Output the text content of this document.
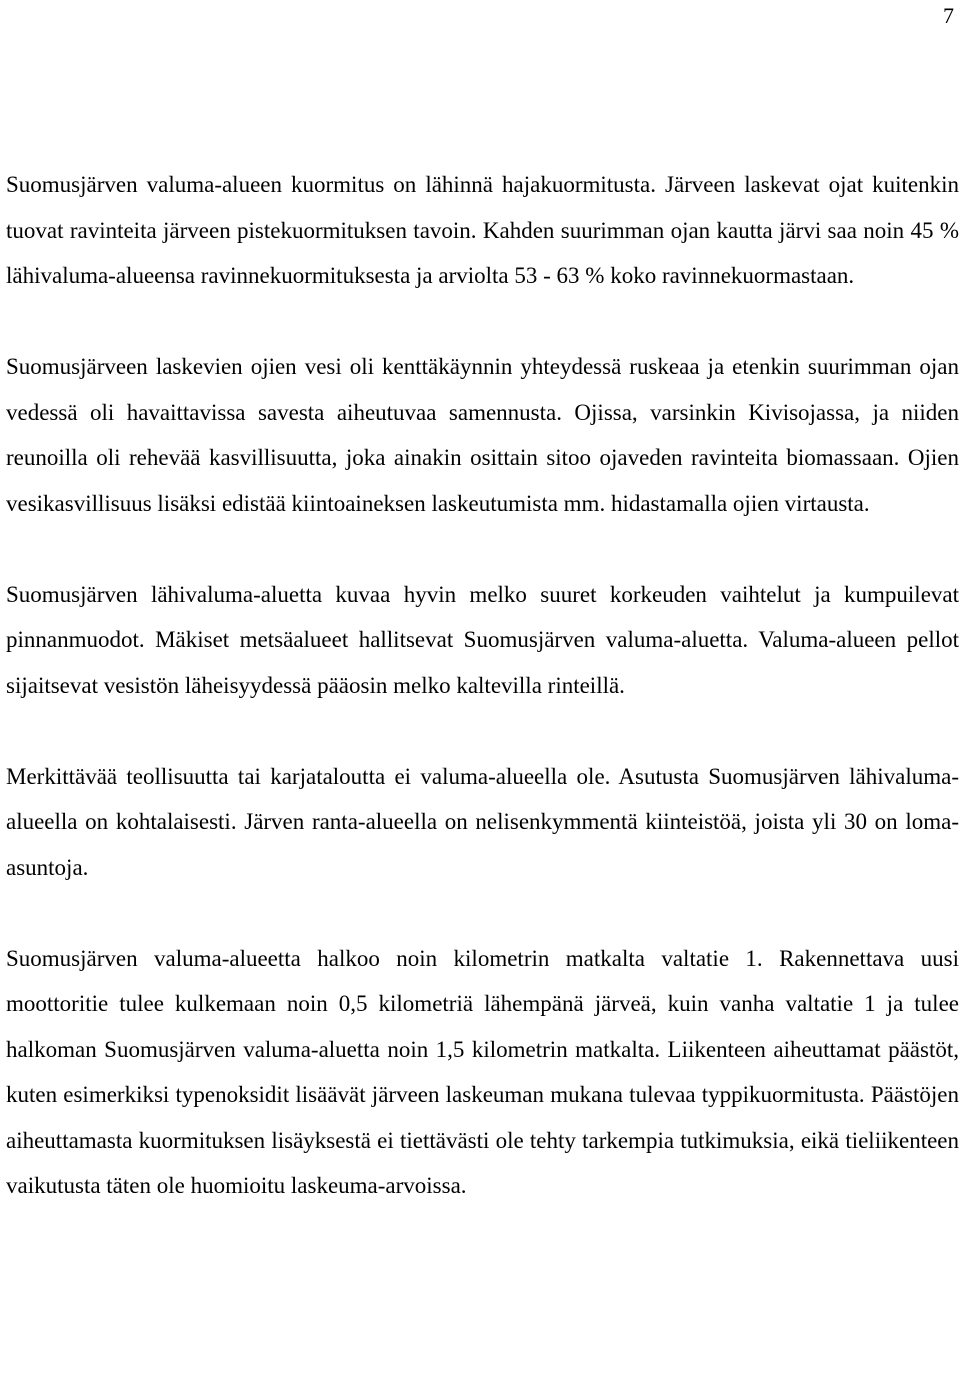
7

Suomusjärven valuma-alueen kuormitus on lähinnä hajakuormitusta. Järveen laskevat ojat kuitenkin tuovat ravinteita järveen pistekuormituksen tavoin. Kahden suurimman ojan kautta järvi saa noin 45 % lähivaluma-alueensa ravinnekuormituksesta ja arviolta 53 - 63 % koko ravinnekuormastaan.

Suomusjärveen laskevien ojien vesi oli kenttäkäynnin yhteydessä ruskeaa ja etenkin suurimman ojan vedessä oli havaittavissa savesta aiheutuvaa samennusta. Ojissa, varsinkin Kivisojassa, ja niiden reunoilla oli rehevää kasvillisuutta, joka ainakin osittain sitoo ojaveden ravinteita biomassaan. Ojien vesikasvillisuus lisäksi edistää kiintoaineksen laskeutumista mm. hidastamalla ojien virtausta.

Suomusjärven lähivaluma-aluetta kuvaa hyvin melko suuret korkeuden vaihtelut ja kumpuilevat pinnanmuodot. Mäkiset metsäalueet hallitsevat Suomusjärven valuma-aluetta. Valuma-alueen pellot sijaitsevat vesistön läheisyydessä pääosin melko kaltevilla rinteillä.

Merkittävää teollisuutta tai karjataloutta ei valuma-alueella ole. Asutusta Suomusjärven lähivaluma-alueella on kohtalaisesti. Järven ranta-alueella on nelisenkymmentä kiinteistöä, joista yli 30 on loma-asuntoja.

Suomusjärven valuma-alueetta halkoo noin kilometrin matkalta valtatie 1. Rakennettava uusi moottoritie tulee kulkemaan noin 0,5 kilometriä lähempänä järveä, kuin vanha valtatie 1 ja tulee halkoman Suomusjärven valuma-aluetta noin 1,5 kilometrin matkalta. Liikenteen aiheuttamat päästöt, kuten esimerkiksi typenoksidit lisäävät järveen laskeuman mukana tulevaa typpikuormitusta. Päästöjen aiheuttamasta kuormituksen lisäyksestä ei tiettävästi ole tehty tarkempia tutkimuksia, eikä tieliikenteen vaikutusta täten ole huomioitu laskeuma-arvoissa.
